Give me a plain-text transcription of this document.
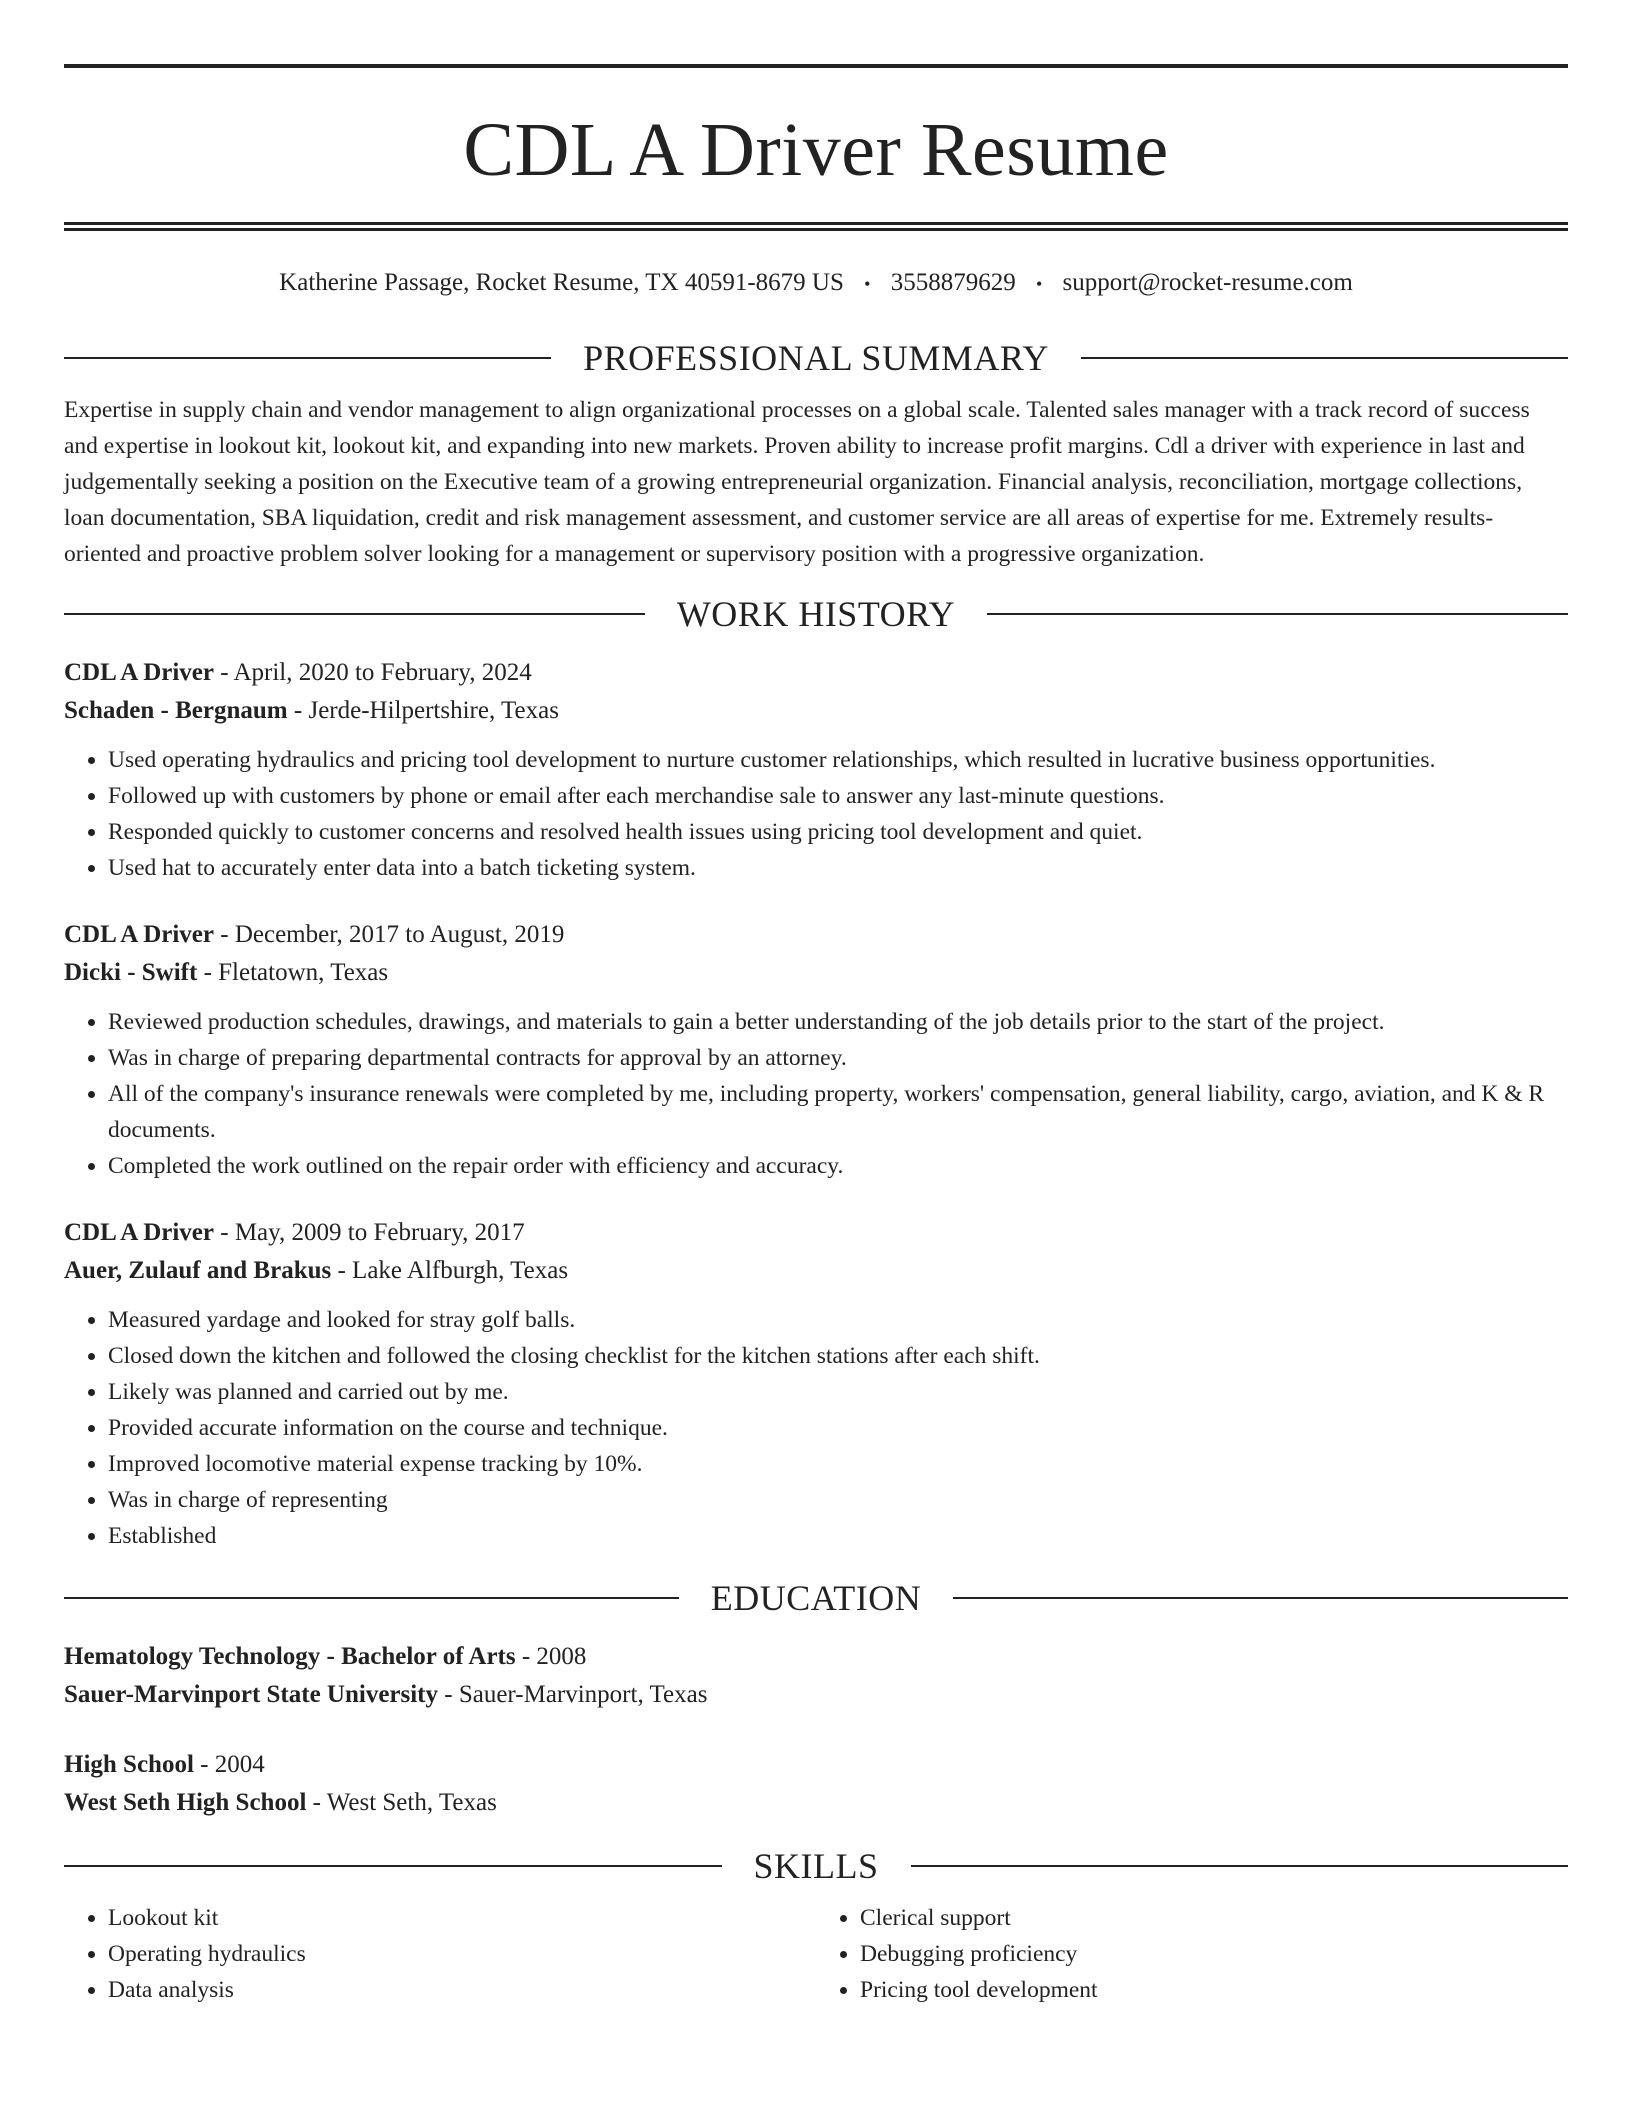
CDL A Driver Resume
Katherine Passage, Rocket Resume, TX 40591-8679 US • 3558879629 • support@rocket-resume.com
PROFESSIONAL SUMMARY
Expertise in supply chain and vendor management to align organizational processes on a global scale. Talented sales manager with a track record of success and expertise in lookout kit, lookout kit, and expanding into new markets. Proven ability to increase profit margins. Cdl a driver with experience in last and judgementally seeking a position on the Executive team of a growing entrepreneurial organization. Financial analysis, reconciliation, mortgage collections, loan documentation, SBA liquidation, credit and risk management assessment, and customer service are all areas of expertise for me. Extremely results-oriented and proactive problem solver looking for a management or supervisory position with a progressive organization.
WORK HISTORY
CDL A Driver - April, 2020 to February, 2024
Schaden - Bergnaum - Jerde-Hilpertshire, Texas
• Used operating hydraulics and pricing tool development to nurture customer relationships, which resulted in lucrative business opportunities.
• Followed up with customers by phone or email after each merchandise sale to answer any last-minute questions.
• Responded quickly to customer concerns and resolved health issues using pricing tool development and quiet.
• Used hat to accurately enter data into a batch ticketing system.
CDL A Driver - December, 2017 to August, 2019
Dicki - Swift - Fletatown, Texas
• Reviewed production schedules, drawings, and materials to gain a better understanding of the job details prior to the start of the project.
• Was in charge of preparing departmental contracts for approval by an attorney.
• All of the company's insurance renewals were completed by me, including property, workers' compensation, general liability, cargo, aviation, and K & R documents.
• Completed the work outlined on the repair order with efficiency and accuracy.
CDL A Driver - May, 2009 to February, 2017
Auer, Zulauf and Brakus - Lake Alfburgh, Texas
• Measured yardage and looked for stray golf balls.
• Closed down the kitchen and followed the closing checklist for the kitchen stations after each shift.
• Likely was planned and carried out by me.
• Provided accurate information on the course and technique.
• Improved locomotive material expense tracking by 10%.
• Was in charge of representing
• Established
EDUCATION
Hematology Technology - Bachelor of Arts - 2008
Sauer-Marvinport State University - Sauer-Marvinport, Texas
High School - 2004
West Seth High School - West Seth, Texas
SKILLS
• Lookout kit
• Operating hydraulics
• Data analysis
• Clerical support
• Debugging proficiency
• Pricing tool development
